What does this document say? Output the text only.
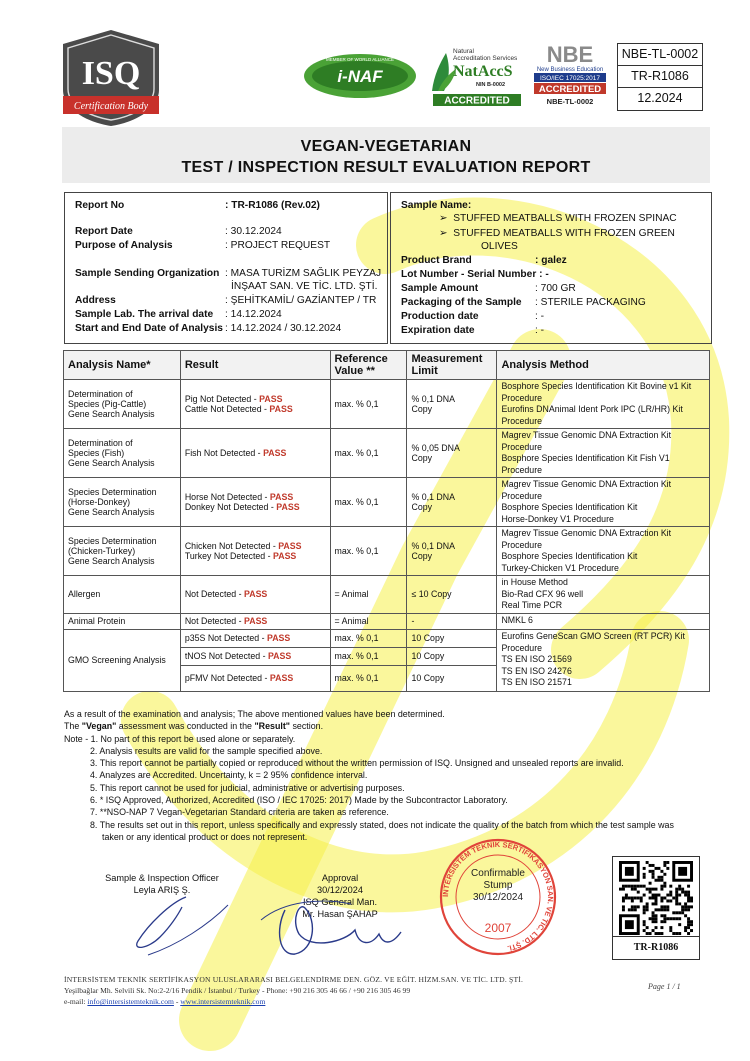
ISQ
Certification Body
MEMBER OF WORLD ALLIANCE
i-NAF
Natural
Accreditation Services
NatAccS
NIN B-0002
ACCREDITED
NBE
New Business Education
ISO/IEC 17025:2017
ACCREDITED
NBE-TL-0002
NBE-TL-0002
TR-R1086
12.2024
VEGAN-VEGETARIAN
TEST / INSPECTION RESULT EVALUATION REPORT
Report No	: TR-R1086 (Rev.02)
Report Date	: 30.12.2024
Purpose of Analysis	: PROJECT REQUEST
Sample Sending Organization : MASA TURİZM SAĞLIK PEYZAJ
İNŞAAT SAN. VE TİC. LTD. ŞTİ.
Address	: ŞEHİTKAMİL/ GAZİANTEP / TR
Sample Lab. The arrival date : 14.12.2024
Start and End Date of Analysis : 14.12.2024 / 30.12.2024
Sample Name:
➢ STUFFED MEATBALLS WITH FROZEN SPINAC
➢ STUFFED MEATBALLS WITH FROZEN GREEN
OLIVES
Product Brand	: galez
Lot Number - Serial Number : -
Sample Amount	: 700 GR
Packaging of the Sample : STERILE PACKAGING
Production date	: -
Expiration date	: -
Analysis Name*	Result	Reference
Value **	Measurement
Limit	Analysis Method
Determination of
Species (Pig-Cattle)
Gene Search Analysis	Pig Not Detected - PASS
Cattle Not Detected - PASS	max. % 0,1	% 0,1 DNA
Copy	Bosphore Species Identification Kit Bovine v1 Kit
Procedure
Eurofins DNAnimal Ident Pork IPC (LR/HR) Kit
Procedure
Determination of
Species (Fish)
Gene Search Analysis	Fish Not Detected - PASS	max. % 0,1	% 0,05 DNA
Copy	Magrev Tissue Genomic DNA Extraction Kit
Procedure
Bosphore Species Identification Kit Fish V1
Procedure
Species Determination
(Horse-Donkey)
Gene Search Analysis	Horse Not Detected - PASS
Donkey Not Detected - PASS	max. % 0,1	% 0,1 DNA
Copy	Magrev Tissue Genomic DNA Extraction Kit
Procedure
Bosphore Species Identification Kit
Horse-Donkey V1 Procedure
Species Determination
(Chicken-Turkey)
Gene Search Analysis	Chicken Not Detected - PASS
Turkey Not Detected - PASS	max. % 0,1	% 0,1 DNA
Copy	Magrev Tissue Genomic DNA Extraction Kit
Procedure
Bosphore Species Identification Kit
Turkey-Chicken V1 Procedure
Allergen	Not Detected - PASS	= Animal	≤ 10 Copy	in House Method
Bio-Rad CFX 96 well
Real Time PCR
Animal Protein	Not Detected - PASS	= Animal	-	NMKL 6
GMO Screening Analysis	p35S Not Detected - PASS	max. % 0,1	10 Copy	Eurofins GeneScan GMO Screen (RT PCR) Kit
Procedure
TS EN ISO 21569
TS EN ISO 24276
TS EN ISO 21571
	tNOS Not Detected - PASS	max. % 0,1	10 Copy	
	pFMV Not Detected - PASS	max. % 0,1	10 Copy	
As a result of the examination and analysis; The above mentioned values have been determined.
The "Vegan" assessment was conducted in the "Result" section.
Note - 1. No part of this report be used alone or separately.
2. Analysis results are valid for the sample specified above.
3. This report cannot be partially copied or reproduced without the written permission of ISQ. Unsigned and unsealed reports are invalid.
4. Analyzes are Accredited. Uncertainty, k = 2 95% confidence interval.
5. This report cannot be used for judicial, administrative or advertising purposes.
6. * ISQ Approved, Authorized, Accredited (ISO / IEC 17025: 2017) Made by the Subcontractor Laboratory.
7. **NSO-NAP 7 Vegan-Vegetarian Standard criteria are taken as reference.
8. The results set out in this report, unless specifically and expressly stated, does not indicate the quality of the batch from which the test sample was
taken or any identical product or does not represent.
Sample & Inspection Officer
Leyla ARIŞ Ş.
Approval
30/12/2024
ISQ General Man.
Mr. Hasan ŞAHAP
İNTERSİSTEM TEKNİK SERTİFİKASYON SAN. VE TİC. LTD. ŞTİ.
Confirmable
Stump
30/12/2024
2007
TR-R1086
İNTERSİSTEM TEKNİK SERTİFİKASYON ULUSLARARASI BELGELENDİRME DEN. GÖZ. VE EĞİT. HİZM.SAN. VE TİC. LTD. ŞTİ.
Yeşilbağlar Mh. Selvili Sk. No:2-2/16 Pendik / İstanbul / Turkey - Phone: +90 216 305 46 66 / +90 216 305 46 99
e-mail: info@intersistemteknik.com - www.intersistemteknik.com
Page 1 / 1
